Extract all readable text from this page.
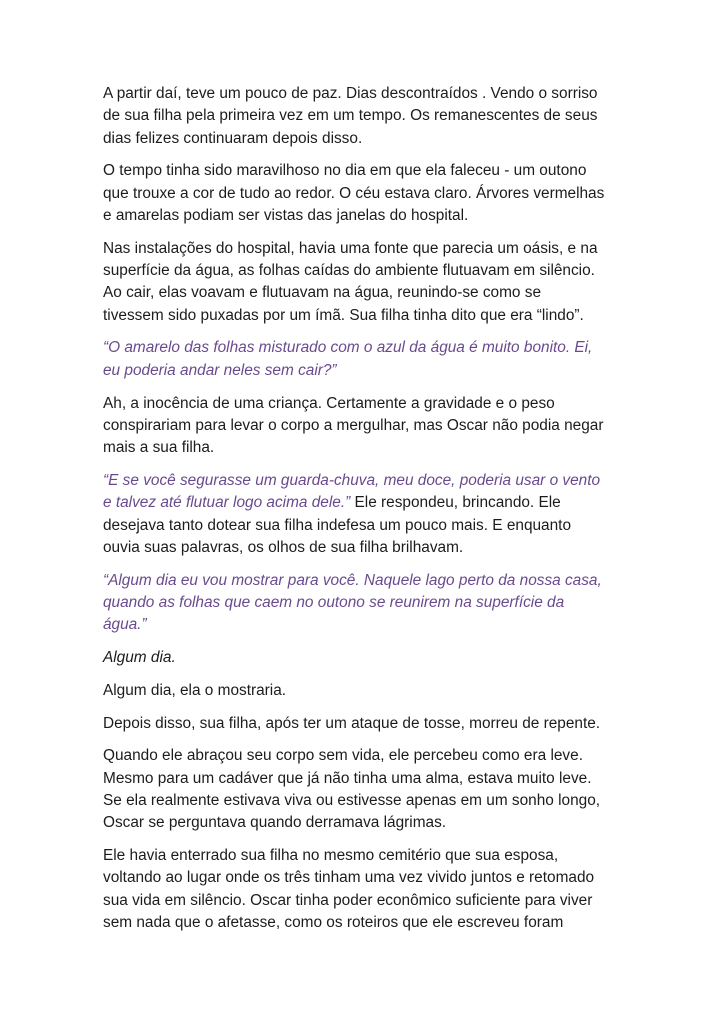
A partir daí, teve um pouco de paz. Dias descontraídos . Vendo o sorriso
de sua filha pela primeira vez em um tempo. Os remanescentes de seus
dias felizes continuaram depois disso.

O tempo tinha sido maravilhoso no dia em que ela faleceu - um outono
que trouxe a cor de tudo ao redor. O céu estava claro. Árvores vermelhas
e amarelas podiam ser vistas das janelas do hospital.

Nas instalações do hospital, havia uma fonte que parecia um oásis, e na
superfície da água, as folhas caídas do ambiente flutuavam em silêncio.
Ao cair, elas voavam e flutuavam na água, reunindo-se como se
tivessem sido puxadas por um ímã. Sua filha tinha dito que era “lindo”.

“O amarelo das folhas misturado com o azul da água é muito bonito. Ei,
eu poderia andar neles sem cair?”

Ah, a inocência de uma criança. Certamente a gravidade e o peso
conspirariam para levar o corpo a mergulhar, mas Oscar não podia negar
mais a sua filha.

“E se você segurasse um guarda-chuva, meu doce, poderia usar o vento
e talvez até flutuar logo acima dele.” Ele respondeu, brincando. Ele
desejava tanto dotear sua filha indefesa um pouco mais. E enquanto
ouvia suas palavras, os olhos de sua filha brilhavam.

“Algum dia eu vou mostrar para você. Naquele lago perto da nossa casa,
quando as folhas que caem no outono se reunirem na superfície da
água.”

Algum dia.

Algum dia, ela o mostraria.

Depois disso, sua filha, após ter um ataque de tosse, morreu de repente.

Quando ele abraçou seu corpo sem vida, ele percebeu como era leve.
Mesmo para um cadáver que já não tinha uma alma, estava muito leve.
Se ela realmente estivava viva ou estivesse apenas em um sonho longo,
Oscar se perguntava quando derramava lágrimas.

Ele havia enterrado sua filha no mesmo cemitério que sua esposa,
voltando ao lugar onde os três tinham uma vez vivido juntos e retomado
sua vida em silêncio. Oscar tinha poder econômico suficiente para viver
sem nada que o afetasse, como os roteiros que ele escreveu foram
